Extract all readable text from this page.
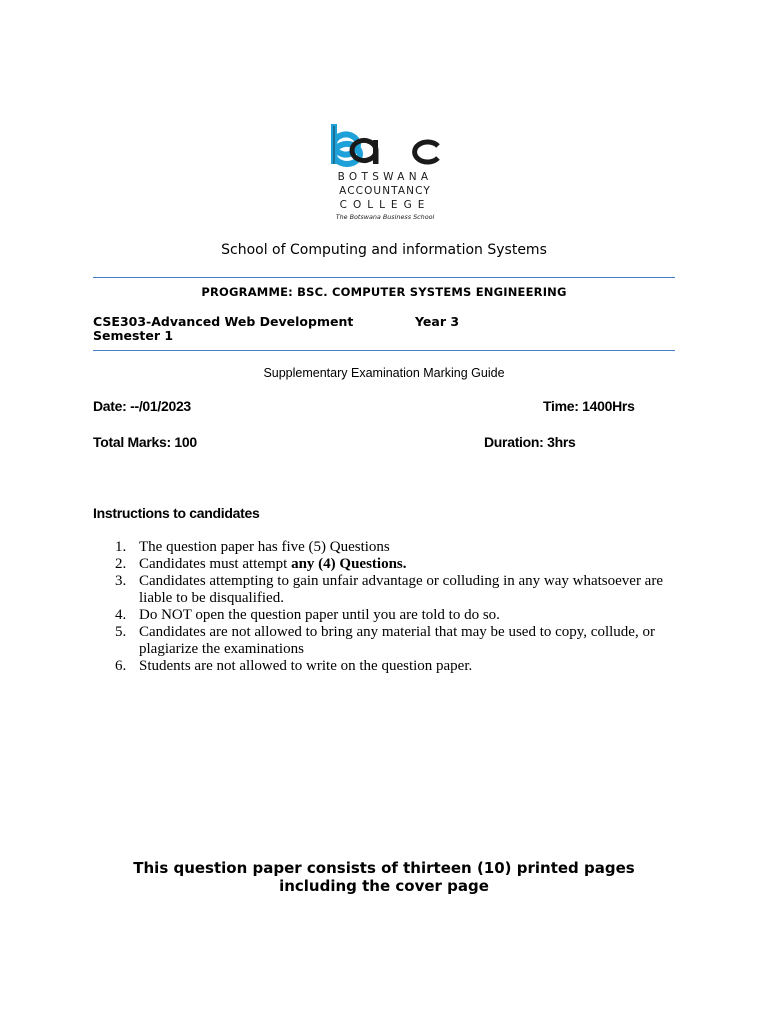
BOTSWANA
ACCOUNTANCY
COLLEGE
The Botswana Business School
School of Computing and information Systems
PROGRAMME: BSC. COMPUTER SYSTEMS ENGINEERING
CSE303-Advanced Web Development	Year 3
Semester 1
Supplementary Examination Marking Guide
Date: --/01/2023	Time: 1400Hrs
Total Marks: 100	Duration: 3hrs
Instructions to candidates
1. The question paper has five (5) Questions
2. Candidates must attempt any (4) Questions.
3. Candidates attempting to gain unfair advantage or colluding in any way whatsoever are liable to be disqualified.
4. Do NOT open the question paper until you are told to do so.
5. Candidates are not allowed to bring any material that may be used to copy, collude, or plagiarize the examinations
6. Students are not allowed to write on the question paper.
This question paper consists of thirteen (10) printed pages
including the cover page
